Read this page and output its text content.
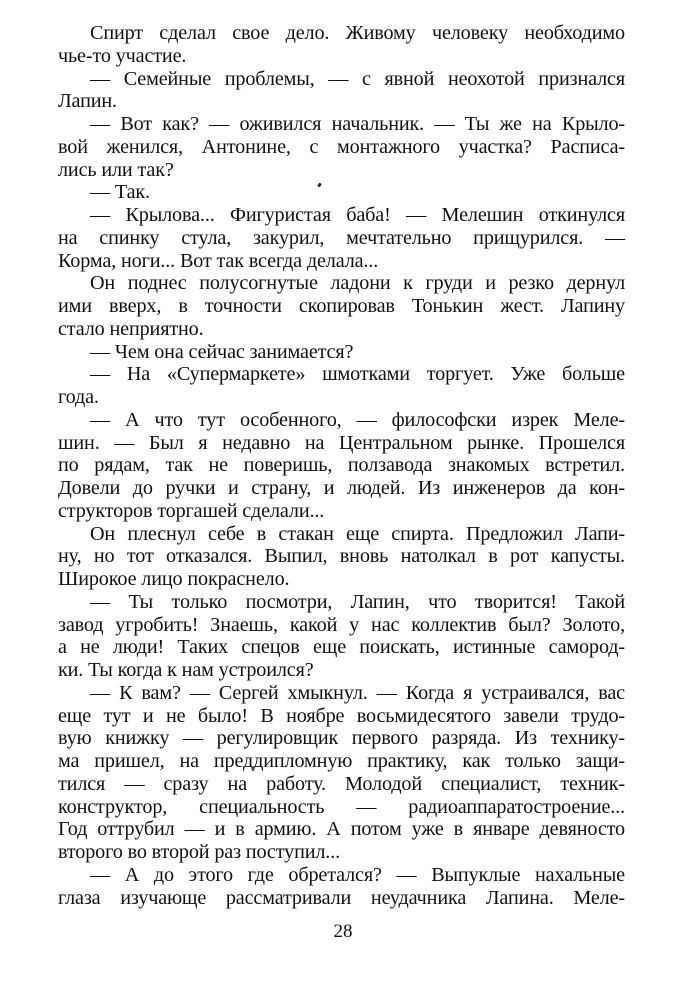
Спирт сделал свое дело. Живому человеку необходимо
чье-то участие.
— Семейные проблемы, — с явной неохотой признался
Лапин.
— Вот как? — оживился начальник. — Ты же на Крыло-
вой женился, Антонине, с монтажного участка? Расписа-
лись или так?
— Так.
— Крылова... Фигуристая баба! — Мелешин откинулся
на спинку стула, закурил, мечтательно прищурился. —
Корма, ноги... Вот так всегда делала...
Он поднес полусогнутые ладони к груди и резко дернул
ими вверх, в точности скопировав Тонькин жест. Лапину
стало неприятно.
— Чем она сейчас занимается?
— На «Супермаркете» шмотками торгует. Уже больше
года.
— А что тут особенного, — философски изрек Меле-
шин. — Был я недавно на Центральном рынке. Прошелся
по рядам, так не поверишь, ползавода знакомых встретил.
Довели до ручки и страну, и людей. Из инженеров да кон-
структоров торгашей сделали...
Он плеснул себе в стакан еще спирта. Предложил Лапи-
ну, но тот отказался. Выпил, вновь натолкал в рот капусты.
Широкое лицо покраснело.
— Ты только посмотри, Лапин, что творится! Такой
завод угробить! Знаешь, какой у нас коллектив был? Золото,
а не люди! Таких спецов еще поискать, истинные самород-
ки. Ты когда к нам устроился?
— К вам? — Сергей хмыкнул. — Когда я устраивался, вас
еще тут и не было! В ноябре восьмидесятого завели трудо-
вую книжку — регулировщик первого разряда. Из технику-
ма пришел, на преддипломную практику, как только защи-
тился — сразу на работу. Молодой специалист, техник-
конструктор, специальность — радиоаппаратостроение...
Год оттрубил — и в армию. А потом уже в январе девяносто
второго во второй раз поступил...
— А до этого где обретался? — Выпуклые нахальные
глаза изучающе рассматривали неудачника Лапина. Меле-
28
